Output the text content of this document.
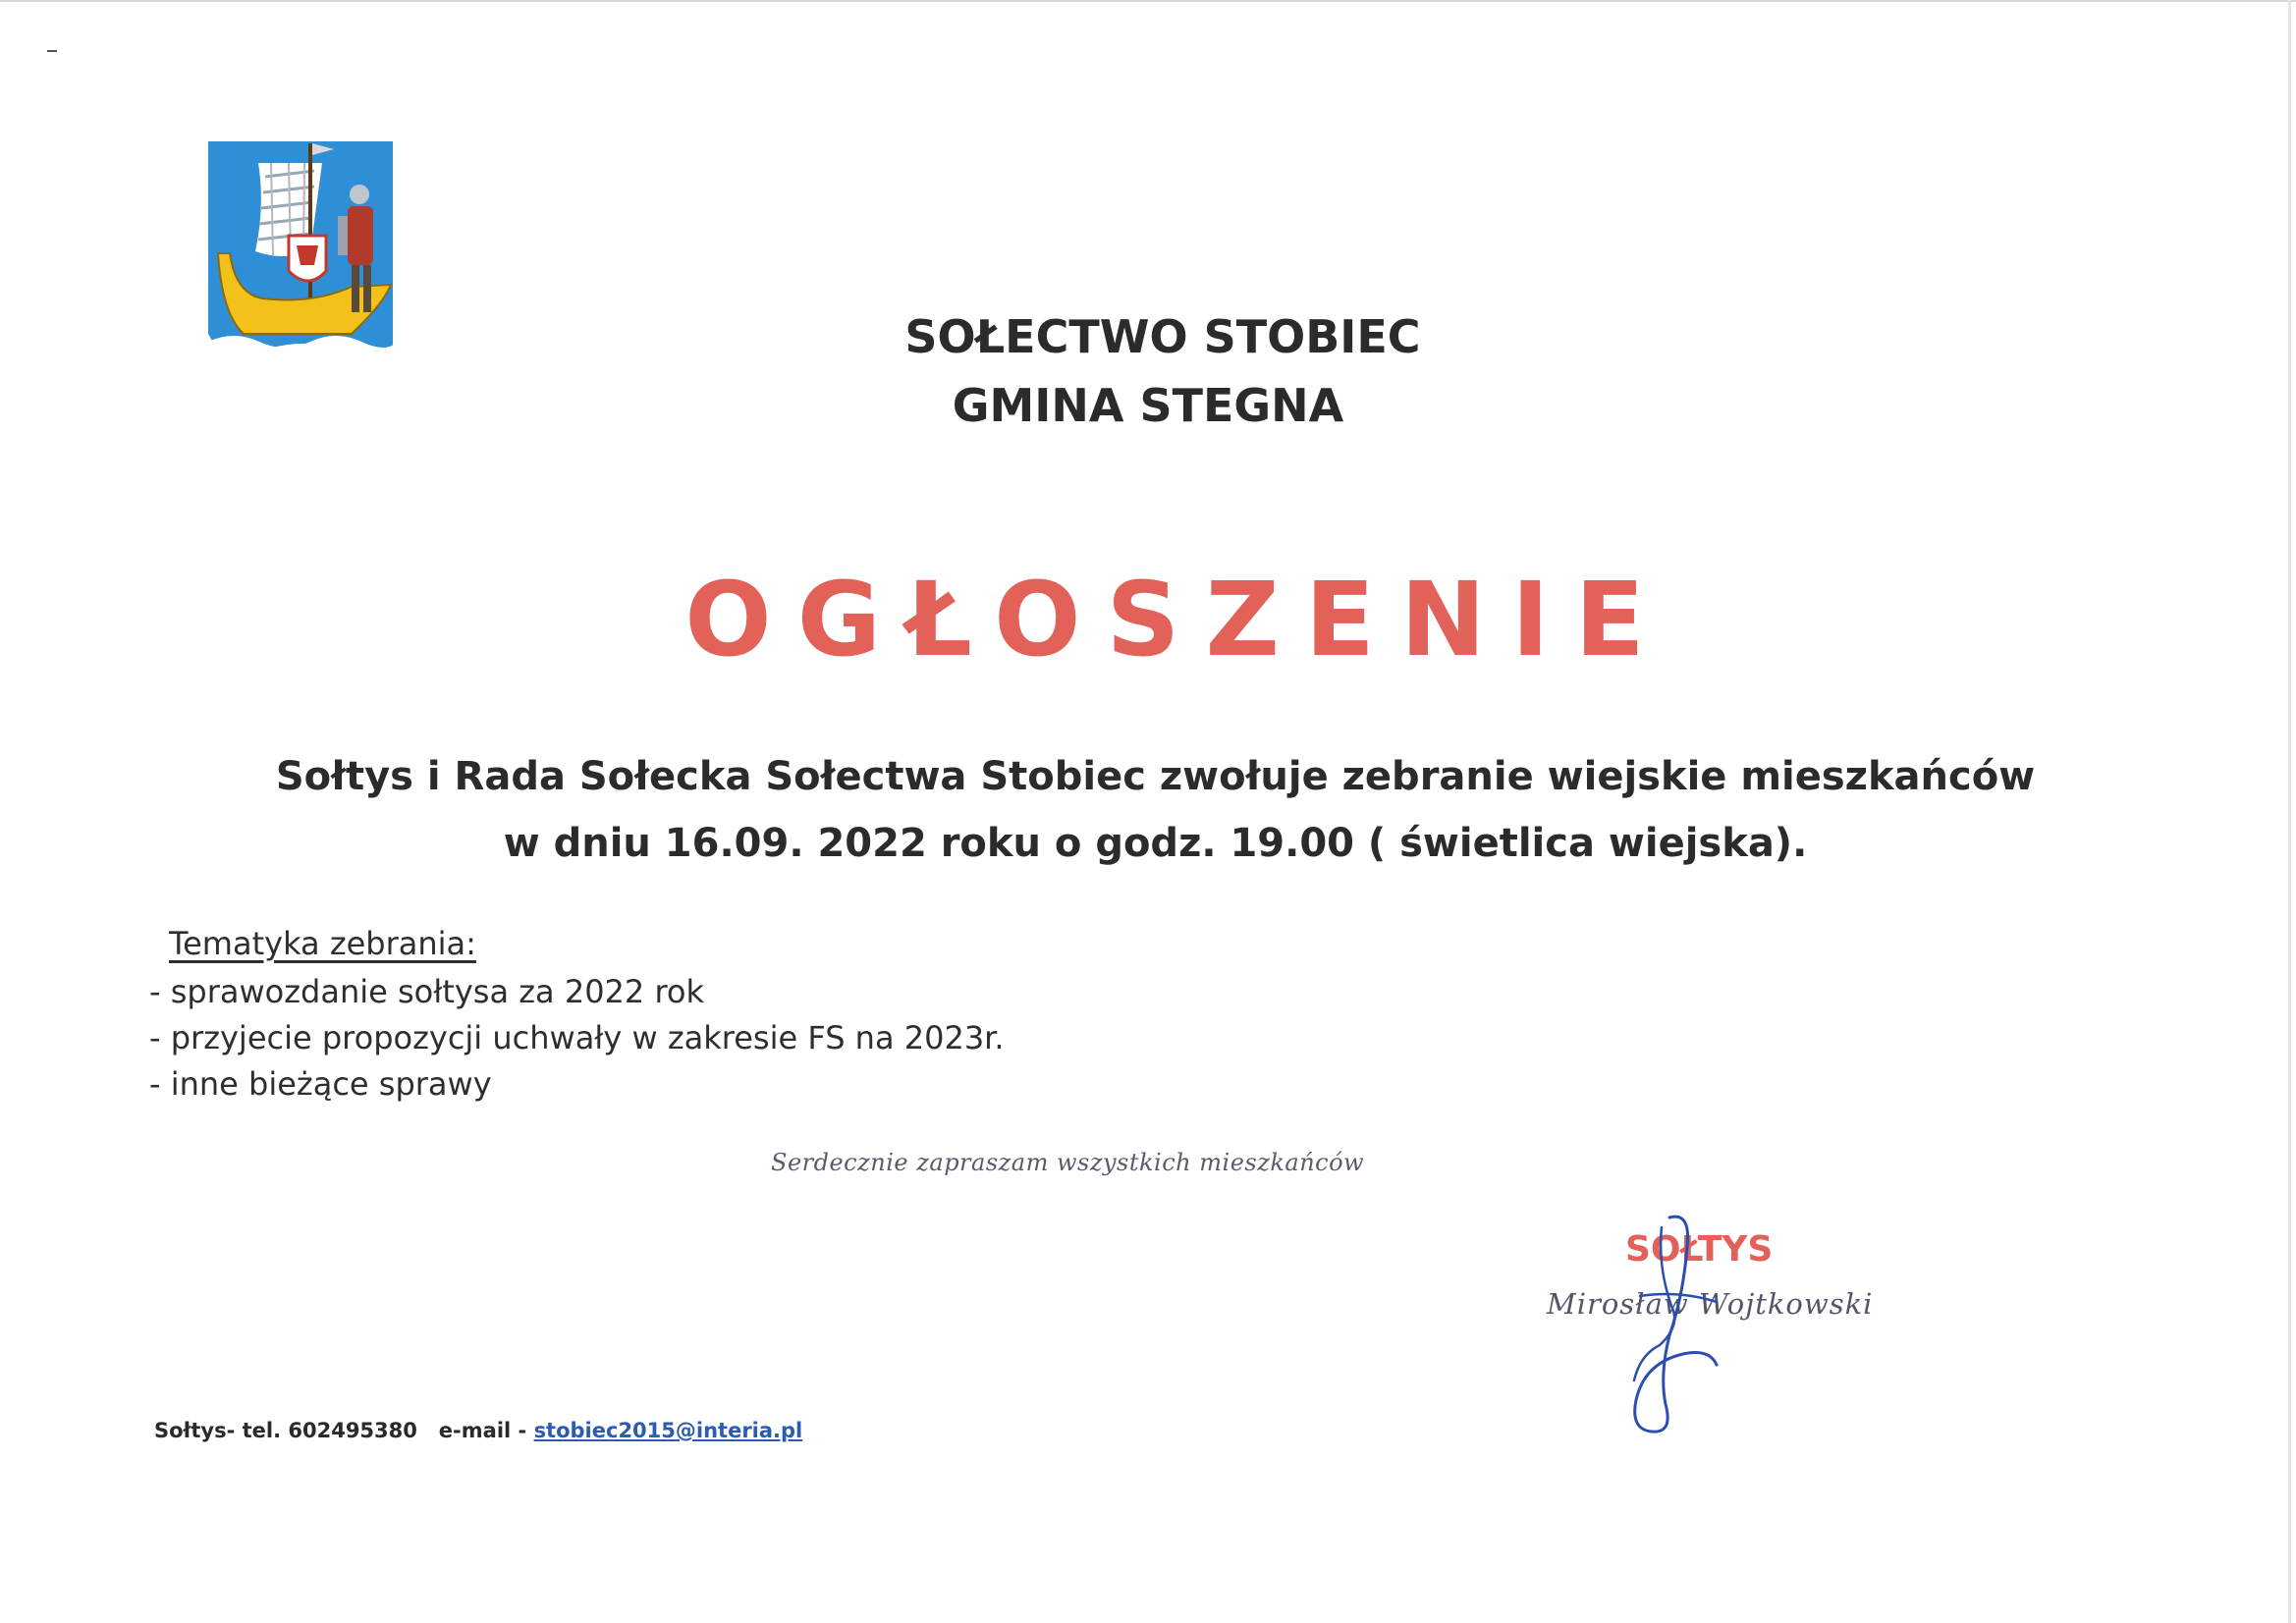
SOŁECTWO STOBIEC
GMINA STEGNA
OGŁOSZENIE
Sołtys i Rada Sołecka Sołectwa Stobiec zwołuje zebranie wiejskie mieszkańców
w dniu 16.09. 2022 roku o godz. 19.00 ( świetlica wiejska).
Tematyka zebrania:
- sprawozdanie sołtysa za 2022 rok
- przyjecie propozycji uchwały w zakresie FS na 2023r.
- inne bieżące sprawy
Serdecznie zapraszam wszystkich mieszkańców
SOŁTYS
Mirosław Wojtkowski
Sołtys- tel. 602495380   e-mail - stobiec2015@interia.pl
